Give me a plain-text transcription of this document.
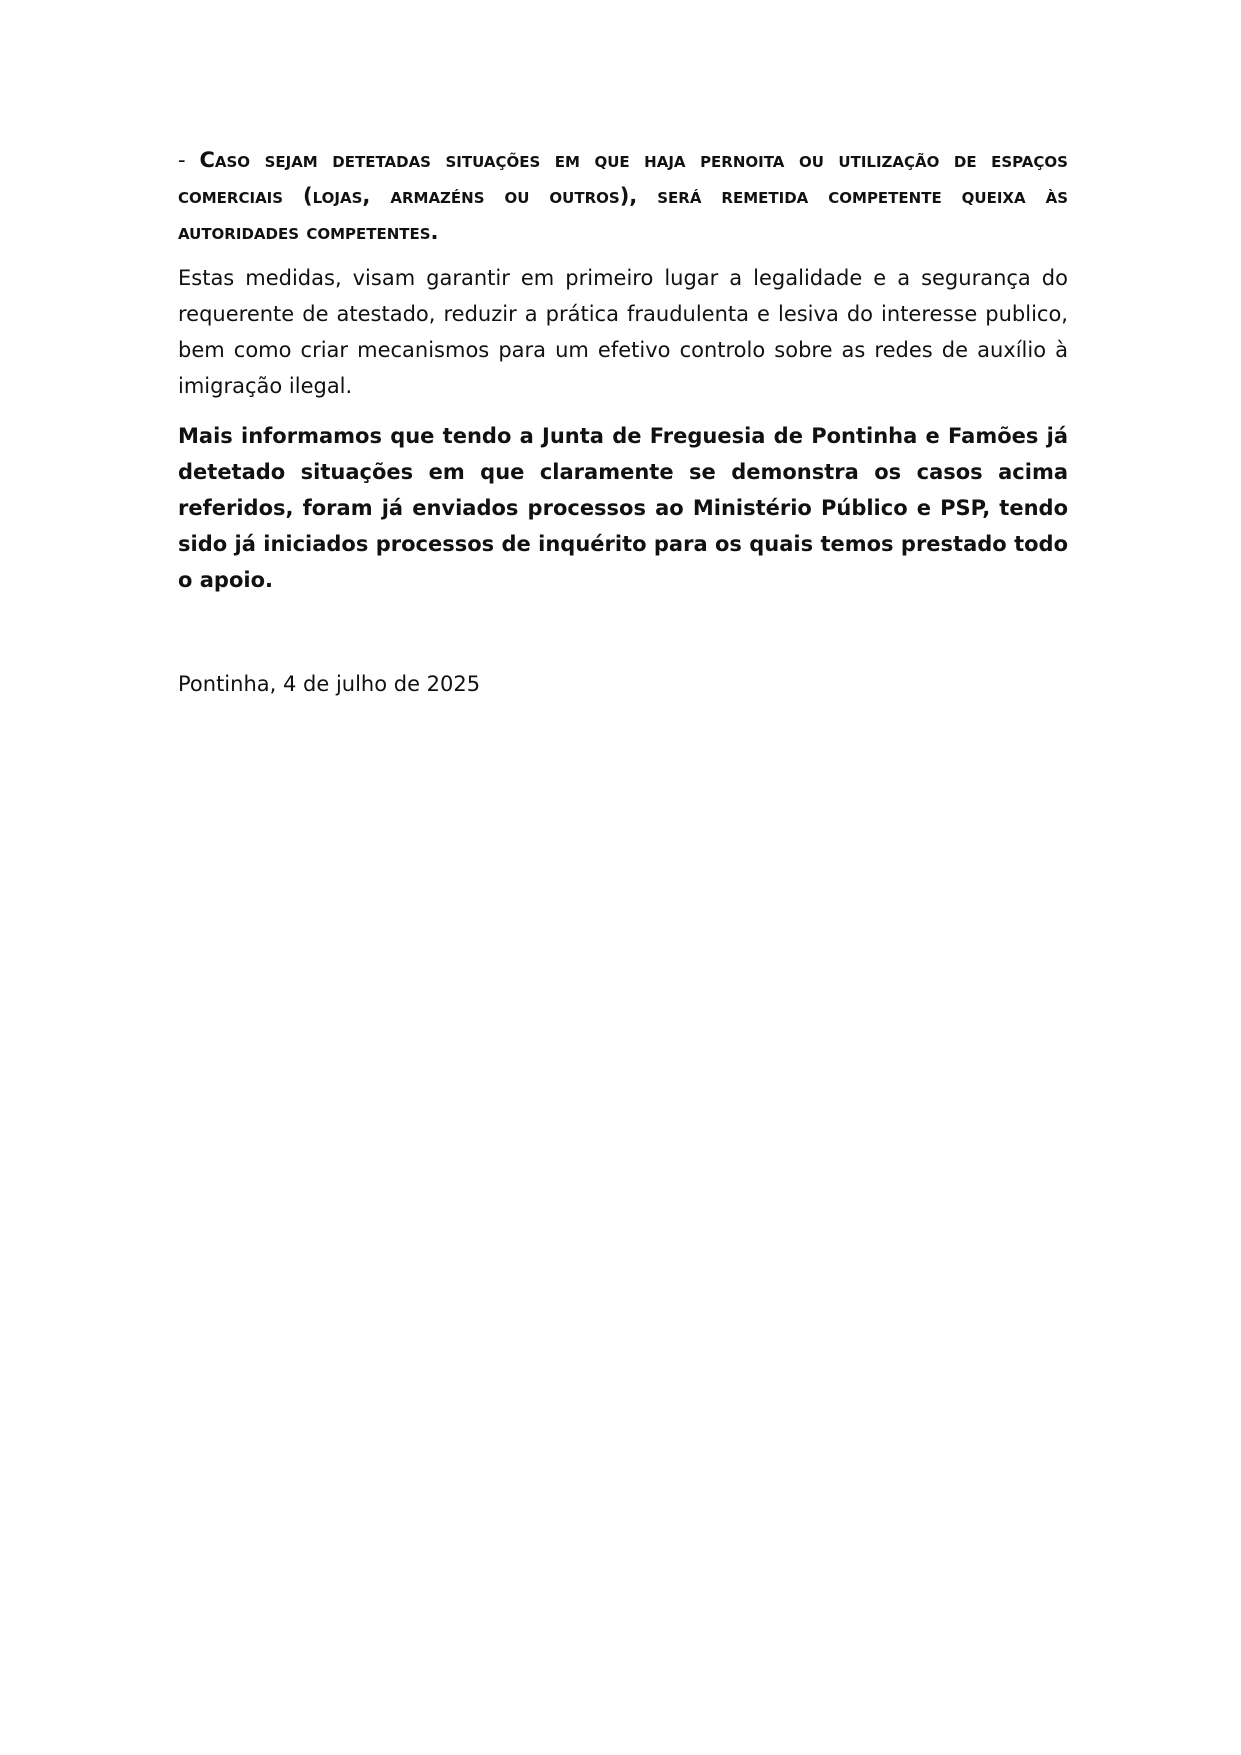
- Caso sejam detetadas situações em que haja pernoita ou utilização de espaços comerciais (lojas, armazéns ou outros), será remetida competente queixa às autoridades competentes.

Estas medidas, visam garantir em primeiro lugar a legalidade e a segurança do requerente de atestado, reduzir a prática fraudulenta e lesiva do interesse publico, bem como criar mecanismos para um efetivo controlo sobre as redes de auxílio à imigração ilegal.

Mais informamos que tendo a Junta de Freguesia de Pontinha e Famões já detetado situações em que claramente se demonstra os casos acima referidos, foram já enviados processos ao Ministério Público e PSP, tendo sido já iniciados processos de inquérito para os quais temos prestado todo o apoio.

Pontinha, 4 de julho de 2025
